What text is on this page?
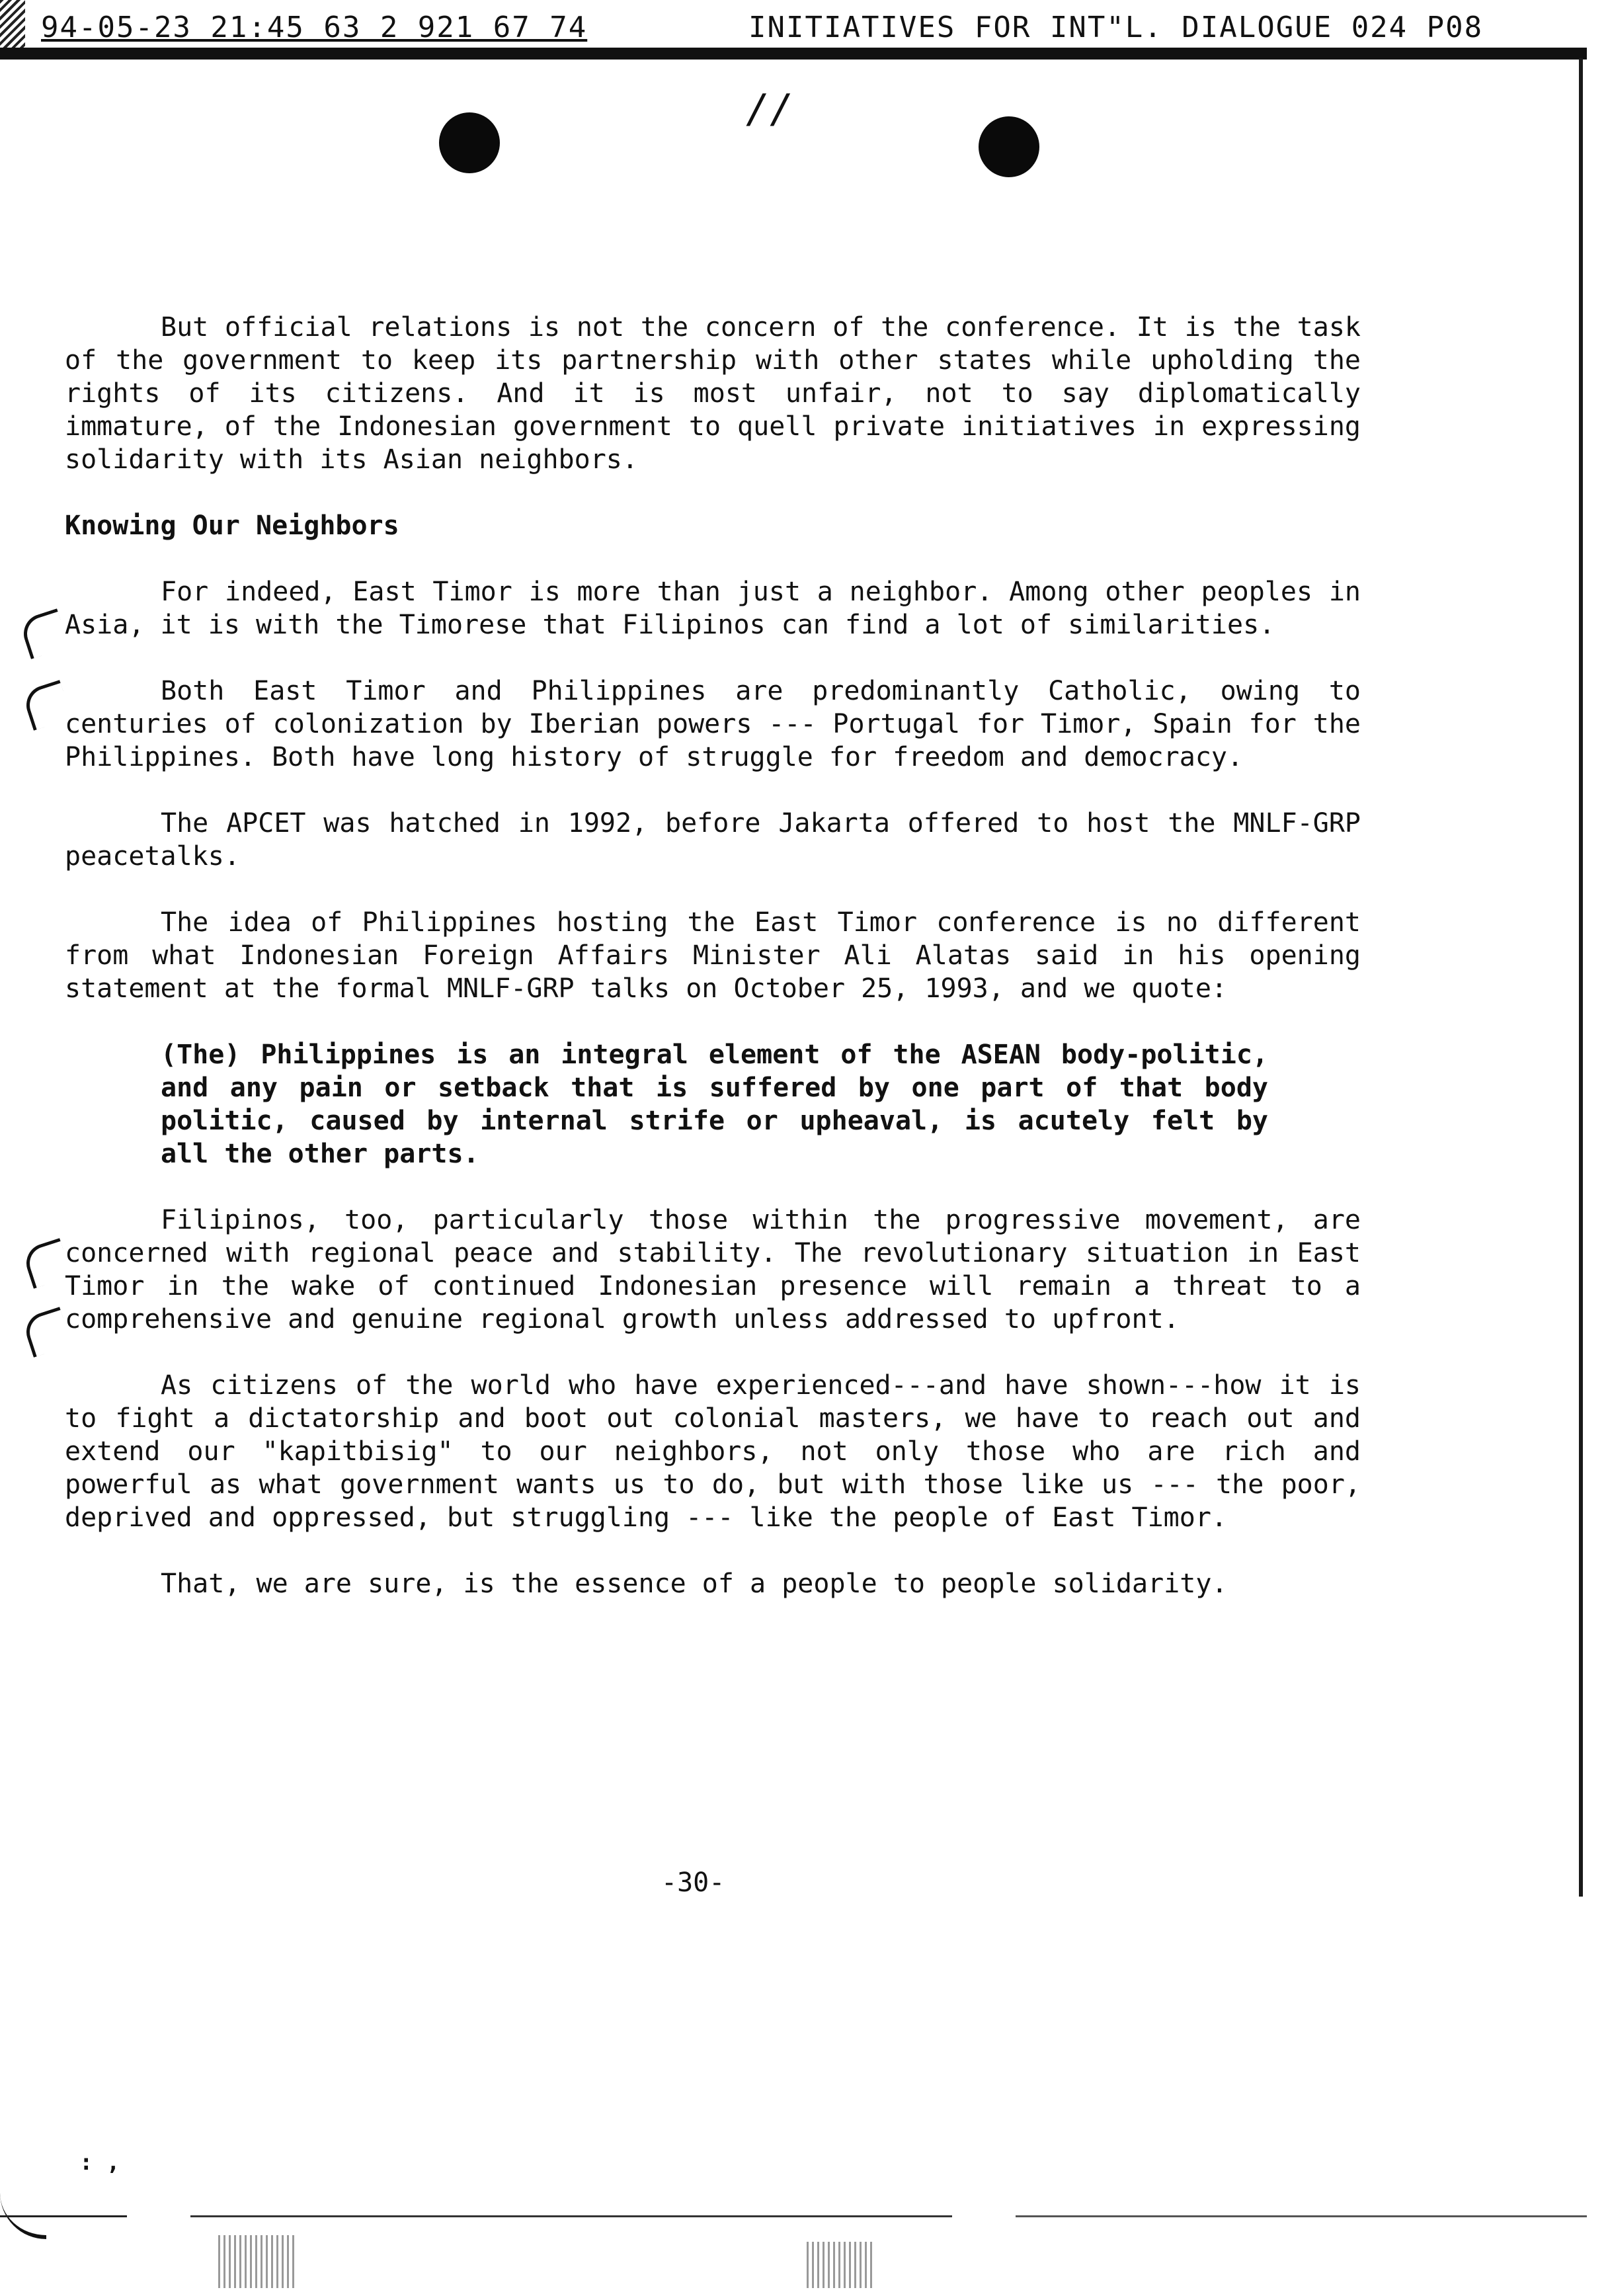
94-05-23 21:45 63 2 921 67 74	INITIATIVES FOR INT"L. DIALOGUE 024 P08
//

But official relations is not the concern of the conference. It is the task of the government to keep its partnership with other states while upholding the rights of its citizens. And it is most unfair, not to say diplomatically immature, of the Indonesian government to quell private initiatives in expressing solidarity with its Asian neighbors.

Knowing Our Neighbors

For indeed, East Timor is more than just a neighbor. Among other peoples in Asia, it is with the Timorese that Filipinos can find a lot of similarities.

Both East Timor and Philippines are predominantly Catholic, owing to centuries of colonization by Iberian powers --- Portugal for Timor, Spain for the Philippines. Both have long history of struggle for freedom and democracy.

The APCET was hatched in 1992, before Jakarta offered to host the MNLF-GRP peacetalks.

The idea of Philippines hosting the East Timor conference is no different from what Indonesian Foreign Affairs Minister Ali Alatas said in his opening statement at the formal MNLF-GRP talks on October 25, 1993, and we quote:

(The) Philippines is an integral element of the ASEAN body-politic, and any pain or setback that is suffered by one part of that body politic, caused by internal strife or upheaval, is acutely felt by all the other parts.

Filipinos, too, particularly those within the progressive movement, are concerned with regional peace and stability. The revolutionary situation in East Timor in the wake of continued Indonesian presence will remain a threat to a comprehensive and genuine regional growth unless addressed to upfront.

As citizens of the world who have experienced---and have shown---how it is to fight a dictatorship and boot out colonial masters, we have to reach out and extend our "kapitbisig" to our neighbors, not only those who are rich and powerful as what government wants us to do, but with those like us --- the poor, deprived and oppressed, but struggling --- like the people of East Timor.

That, we are sure, is the essence of a people to people solidarity.

-30-
: ,
